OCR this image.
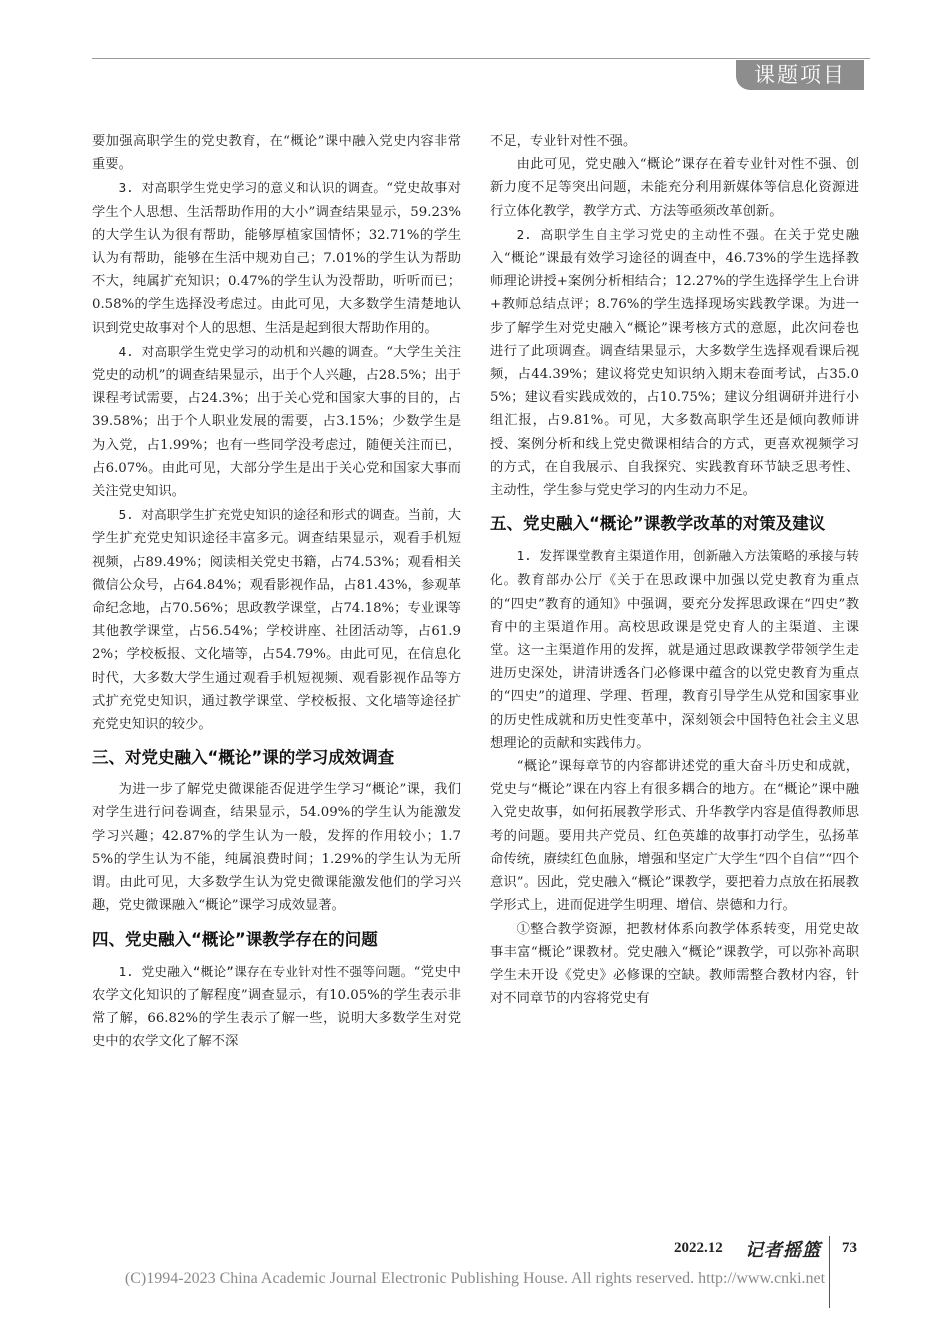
课题项目

要加强高职学生的党史教育，在“概论”课中融入党史内容非常重要。

3. 对高职学生党史学习的意义和认识的调查。“党史故事对学生个人思想、生活帮助作用的大小”调查结果显示，59.23%的大学生认为很有帮助，能够厚植家国情怀；32.71%的学生认为有帮助，能够在生活中规劝自己；7.01%的学生认为帮助不大，纯属扩充知识；0.47%的学生认为没帮助，听听而已；0.58%的学生选择没考虑过。由此可见，大多数学生清楚地认识到党史故事对个人的思想、生活是起到很大帮助作用的。

4. 对高职学生党史学习的动机和兴趣的调查。“大学生关注党史的动机”的调查结果显示，出于个人兴趣，占28.5%；出于课程考试需要，占24.3%；出于关心党和国家大事的目的，占39.58%；出于个人职业发展的需要，占3.15%；少数学生是为入党，占1.99%；也有一些同学没考虑过，随便关注而已，占6.07%。由此可见，大部分学生是出于关心党和国家大事而关注党史知识。

5. 对高职学生扩充党史知识的途径和形式的调查。当前，大学生扩充党史知识途径丰富多元。调查结果显示，观看手机短视频，占89.49%；阅读相关党史书籍，占74.53%；观看相关微信公众号，占64.84%；观看影视作品，占81.43%，参观革命纪念地，占70.56%；思政教学课堂，占74.18%；专业课等其他教学课堂，占56.54%；学校讲座、社团活动等，占61.92%；学校板报、文化墙等，占54.79%。由此可见，在信息化时代，大多数大学生通过观看手机短视频、观看影视作品等方式扩充党史知识，通过教学课堂、学校板报、文化墙等途径扩充党史知识的较少。

三、对党史融入“概论”课的学习成效调查

为进一步了解党史微课能否促进学生学习“概论”课，我们对学生进行问卷调查，结果显示，54.09%的学生认为能激发学习兴趣；42.87%的学生认为一般，发挥的作用较小；1.75%的学生认为不能，纯属浪费时间；1.29%的学生认为无所谓。由此可见，大多数学生认为党史微课能激发他们的学习兴趣，党史微课融入“概论”课学习成效显著。

四、党史融入“概论”课教学存在的问题

1. 党史融入“概论”课存在专业针对性不强等问题。“党史中农学文化知识的了解程度”调查显示，有10.05%的学生表示非常了解，66.82%的学生表示了解一些，说明大多数学生对党史中的农学文化了解不深

不足，专业针对性不强。

由此可见，党史融入“概论”课存在着专业针对性不强、创新力度不足等突出问题，未能充分利用新媒体等信息化资源进行立体化教学，教学方式、方法等亟须改革创新。

2. 高职学生自主学习党史的主动性不强。在关于党史融入“概论”课最有效学习途径的调查中，46.73%的学生选择教师理论讲授+案例分析相结合；12.27%的学生选择学生上台讲+教师总结点评；8.76%的学生选择现场实践教学课。为进一步了解学生对党史融入“概论”课考核方式的意愿，此次问卷也进行了此项调查。调查结果显示，大多数学生选择观看课后视频，占44.39%；建议将党史知识纳入期末卷面考试，占35.05%；建议看实践成效的，占10.75%；建议分组调研并进行小组汇报，占9.81%。可见，大多数高职学生还是倾向教师讲授、案例分析和线上党史微课相结合的方式，更喜欢视频学习的方式，在自我展示、自我探究、实践教育环节缺乏思考性、主动性，学生参与党史学习的内生动力不足。

五、党史融入“概论”课教学改革的对策及建议

1. 发挥课堂教育主渠道作用，创新融入方法策略的承接与转化。教育部办公厅《关于在思政课中加强以党史教育为重点的“四史”教育的通知》中强调，要充分发挥思政课在“四史”教育中的主渠道作用。高校思政课是党史育人的主渠道、主课堂。这一主渠道作用的发挥，就是通过思政课教学带领学生走进历史深处，讲清讲透各门必修课中蕴含的以党史教育为重点的“四史”的道理、学理、哲理，教育引导学生从党和国家事业的历史性成就和历史性变革中，深刻领会中国特色社会主义思想理论的贡献和实践伟力。

“概论”课每章节的内容都讲述党的重大奋斗历史和成就，党史与“概论”课在内容上有很多耦合的地方。在“概论”课中融入党史故事，如何拓展教学形式、升华教学内容是值得教师思考的问题。要用共产党员、红色英雄的故事打动学生，弘扬革命传统，赓续红色血脉，增强和坚定广大学生“四个自信”“四个意识”。因此，党史融入“概论”课教学，要把着力点放在拓展教学形式上，进而促进学生明理、增信、崇德和力行。

①整合教学资源，把教材体系向教学体系转变，用党史故事丰富“概论”课教材。党史融入“概论”课教学，可以弥补高职学生未开设《党史》必修课的空缺。教师需整合教材内容，针对不同章节的内容将党史有

2022.12 记者摇篮 73
(C)1994-2023 China Academic Journal Electronic Publishing House. All rights reserved. http://www.cnki.net
